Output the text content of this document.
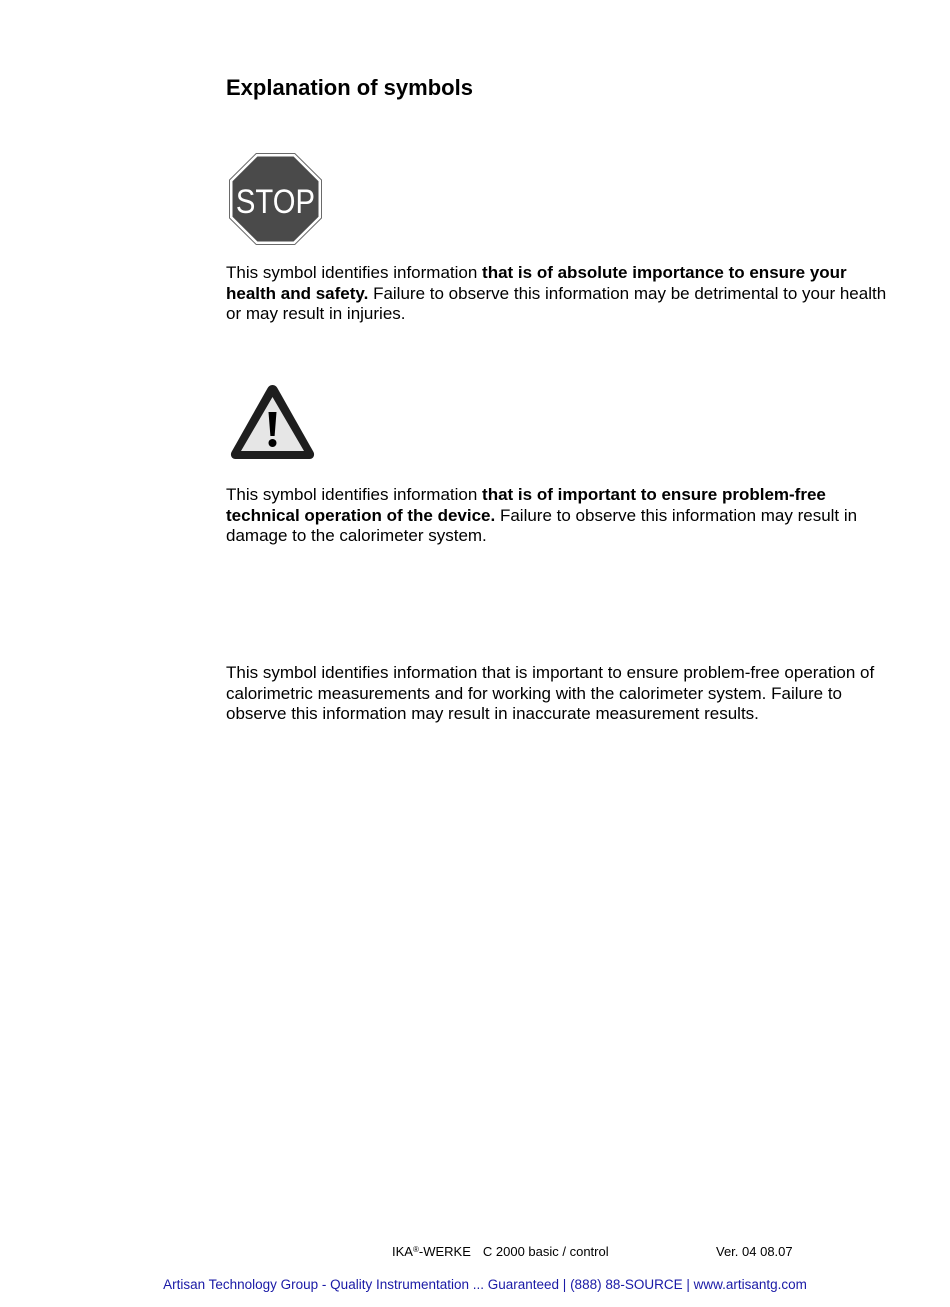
Explanation of symbols
STOP

This symbol identifies information that is of absolute importance to ensure your health and safety. Failure to observe this information may be detrimental to your health or may result in injuries.

This symbol identifies information that is of important to ensure problem-free technical operation of the device. Failure to observe this information may result in damage to the calorimeter system.

This symbol identifies information that is important to ensure problem-free operation of calorimetric measurements and for working with the calorimeter system. Failure to observe this information may result in inaccurate measurement results.

IKA®-WERKE C 2000 basic / control	Ver. 04 08.07
Artisan Technology Group - Quality Instrumentation ... Guaranteed | (888) 88-SOURCE | www.artisantg.com
